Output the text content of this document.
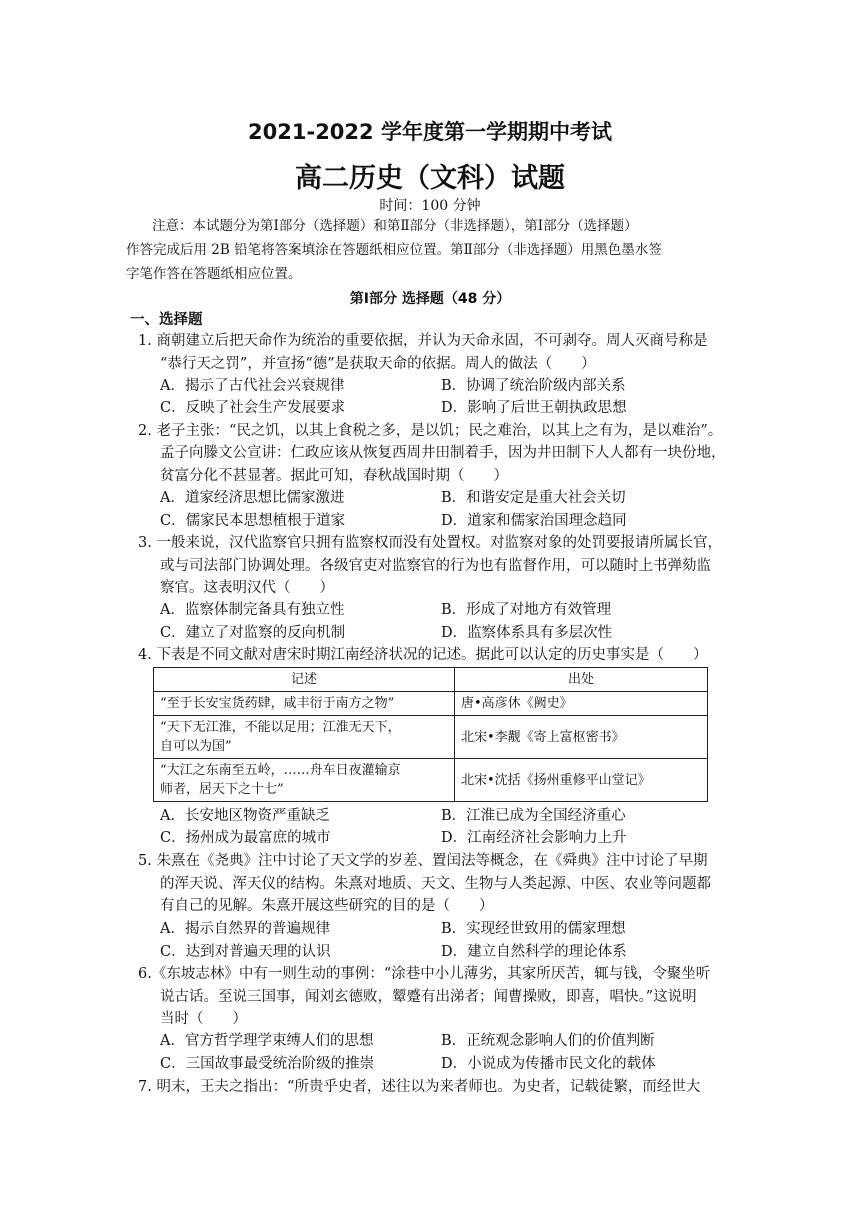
2021-2022 学年度第一学期期中考试
高二历史（文科）试题
时间：100 分钟
注意：本试题分为第Ⅰ部分（选择题）和第Ⅱ部分（非选择题），第Ⅰ部分（选择题）
作答完成后用 2B 铅笔将答案填涂在答题纸相应位置。第Ⅱ部分（非选择题）用黑色墨水签
字笔作答在答题纸相应位置。
第Ⅰ部分 选择题（48 分）
一、选择题
1. 商朝建立后把天命作为统治的重要依据，并认为天命永固，不可剥夺。周人灭商号称是
“恭行天之罚”，并宣扬“德”是获取天命的依据。周人的做法（　　）
A．揭示了古代社会兴衰规律	B．协调了统治阶级内部关系
C．反映了社会生产发展要求	D．影响了后世王朝执政思想
2. 老子主张：“民之饥，以其上食税之多，是以饥；民之难治，以其上之有为，是以难治”。
孟子向滕文公宣讲：仁政应该从恢复西周井田制着手，因为井田制下人人都有一块份地，
贫富分化不甚显著。据此可知，春秋战国时期（　　）
A．道家经济思想比儒家激进	B．和谐安定是重大社会关切
C．儒家民本思想植根于道家	D．道家和儒家治国理念趋同
3. 一般来说，汉代监察官只拥有监察权而没有处置权。对监察对象的处罚要报请所属长官，
或与司法部门协调处理。各级官吏对监察官的行为也有监督作用，可以随时上书弹劾监
察官。这表明汉代（　　）
A．监察体制完备具有独立性	B．形成了对地方有效管理
C．建立了对监察的反向机制	D．监察体系具有多层次性
4. 下表是不同文献对唐宋时期江南经济状况的记述。据此可以认定的历史事实是（　　）
记述	出处
“至于长安宝货药肆，咸丰衍于南方之物”	唐•高彦休《阙史》

“天下无江淮，不能以足用；江淮无天下，
自可以为国”	北宋•李觏《寄上富枢密书》

“大江之东南至五岭，……舟车日夜灌输京
师者，居天下之十七”	北宋•沈括《扬州重修平山堂记》
A．长安地区物资严重缺乏	B．江淮已成为全国经济重心
C．扬州成为最富庶的城市	D．江南经济社会影响力上升
5. 朱熹在《尧典》注中讨论了天文学的岁差、置闰法等概念，在《舜典》注中讨论了早期
的浑天说、浑天仪的结构。朱熹对地质、天文、生物与人类起源、中医、农业等问题都
有自己的见解。朱熹开展这些研究的目的是（　　）
A．揭示自然界的普遍规律	B．实现经世致用的儒家理想
C．达到对普遍天理的认识	D．建立自然科学的理论体系
6.《东坡志林》中有一则生动的事例：“涂巷中小儿薄劣，其家所厌苦，辄与钱，令聚坐听
说古话。至说三国事，闻刘玄德败，颦蹙有出涕者；闻曹操败，即喜，唱快。”这说明
当时（　　）
A．官方哲学理学束缚人们的思想	B．正统观念影响人们的价值判断
C．三国故事最受统治阶级的推崇	D．小说成为传播市民文化的载体
7. 明末，王夫之指出：“所贵乎史者，述往以为来者师也。为史者，记载徒繁，而经世大
